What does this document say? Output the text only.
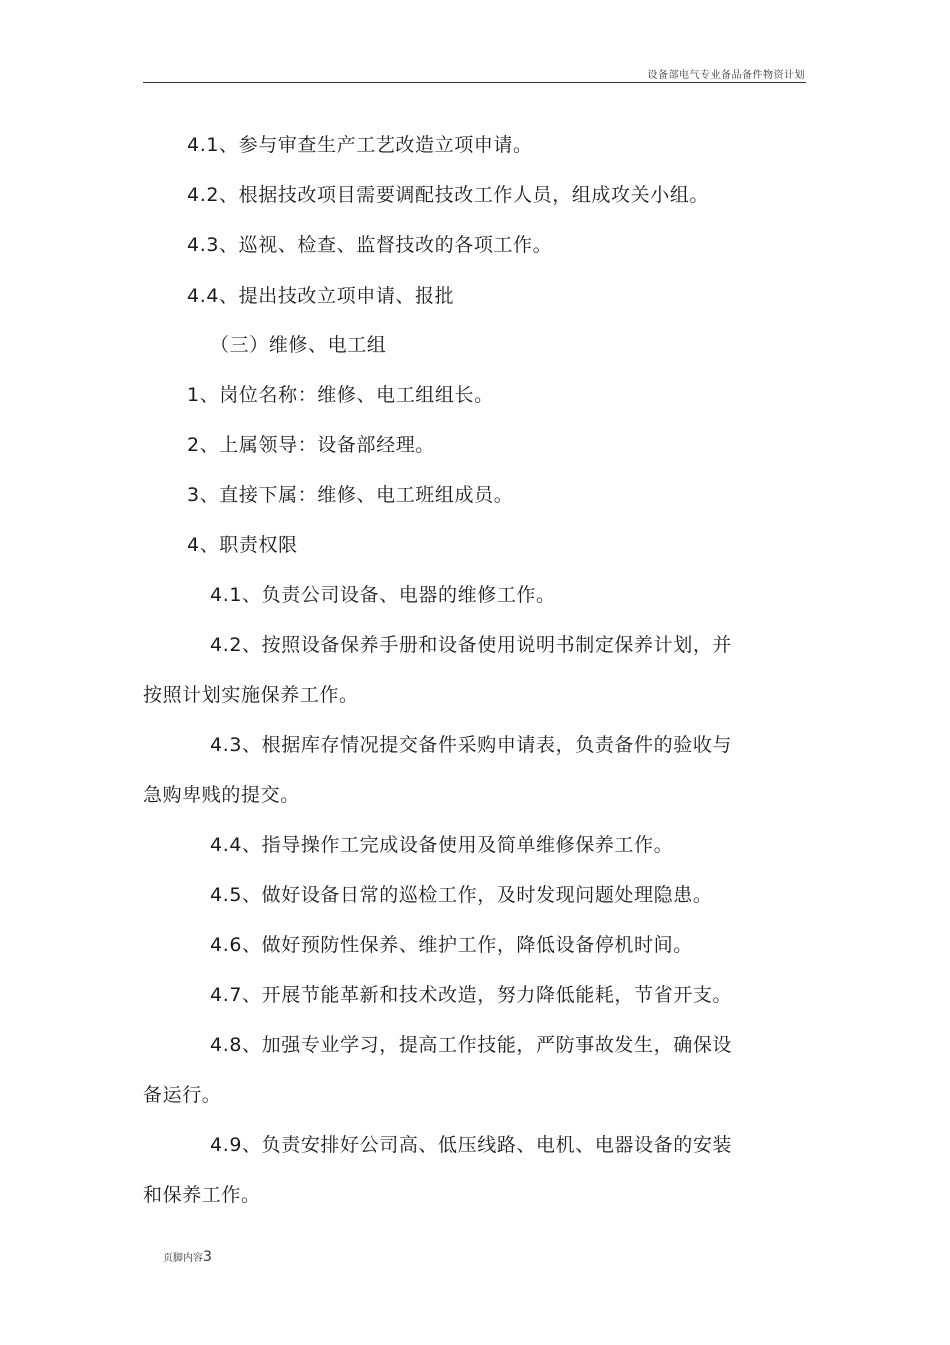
设备部电气专业备品备件物资计划
4.1、参与审查生产工艺改造立项申请。
4.2、根据技改项目需要调配技改工作人员，组成攻关小组。
4.3、巡视、检查、监督技改的各项工作。
4.4、提出技改立项申请、报批
（三）维修、电工组
1、岗位名称：维修、电工组组长。
2、上属领导：设备部经理。
3、直接下属：维修、电工班组成员。
4、职责权限
4.1、负责公司设备、电器的维修工作。
4.2、按照设备保养手册和设备使用说明书制定保养计划，并
按照计划实施保养工作。
4.3、根据库存情况提交备件采购申请表，负责备件的验收与
急购卑贱的提交。
4.4、指导操作工完成设备使用及简单维修保养工作。
4.5、做好设备日常的巡检工作，及时发现问题处理隐患。
4.6、做好预防性保养、维护工作，降低设备停机时间。
4.7、开展节能革新和技术改造，努力降低能耗，节省开支。
4.8、加强专业学习，提高工作技能，严防事故发生，确保设
备运行。
4.9、负责安排好公司高、低压线路、电机、电器设备的安装
和保养工作。
页脚内容3
